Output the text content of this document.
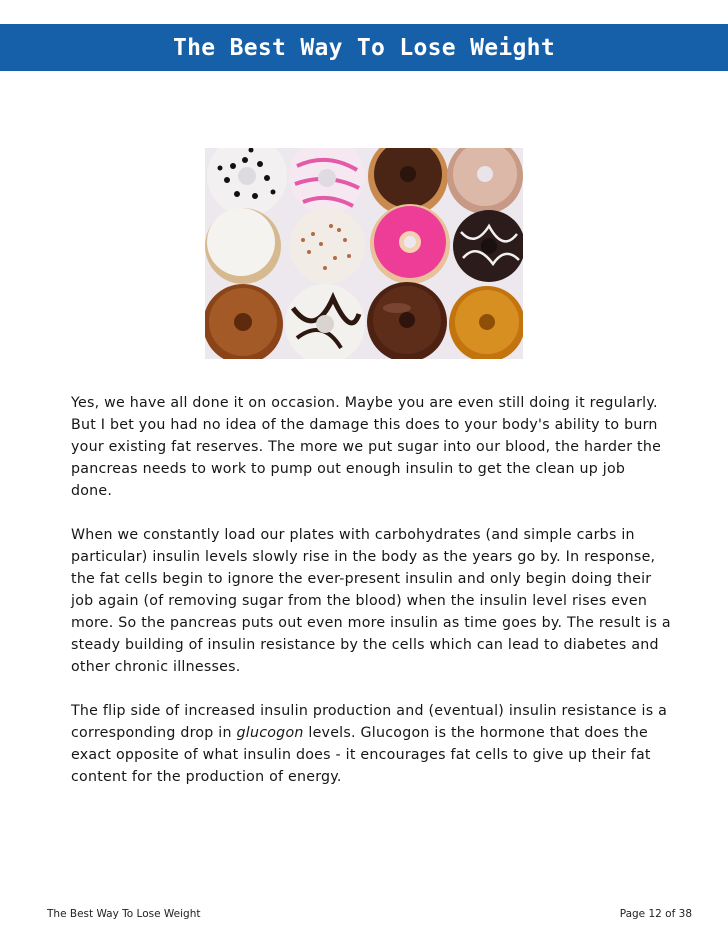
The Best Way To Lose Weight

Yes, we have all done it on occasion. Maybe you are even still doing it regularly. But I bet you had no idea of the damage this does to your body's ability to burn your existing fat reserves. The more we put sugar into our blood, the harder the pancreas needs to work to pump out enough insulin to get the clean up job done.

When we constantly load our plates with carbohydrates (and simple carbs in particular) insulin levels slowly rise in the body as the years go by. In response, the fat cells begin to ignore the ever-present insulin and only begin doing their job again (of removing sugar from the blood) when the insulin level rises even more. So the pancreas puts out even more insulin as time goes by. The result is a steady building of insulin resistance by the cells which can lead to diabetes and other chronic illnesses.

The flip side of increased insulin production and (eventual) insulin resistance is a corresponding drop in glucogon levels. Glucogon is the hormone that does the exact opposite of what insulin does - it encourages fat cells to give up their fat content for the production of energy.

The Best Way To Lose Weight	Page 12 of 38
